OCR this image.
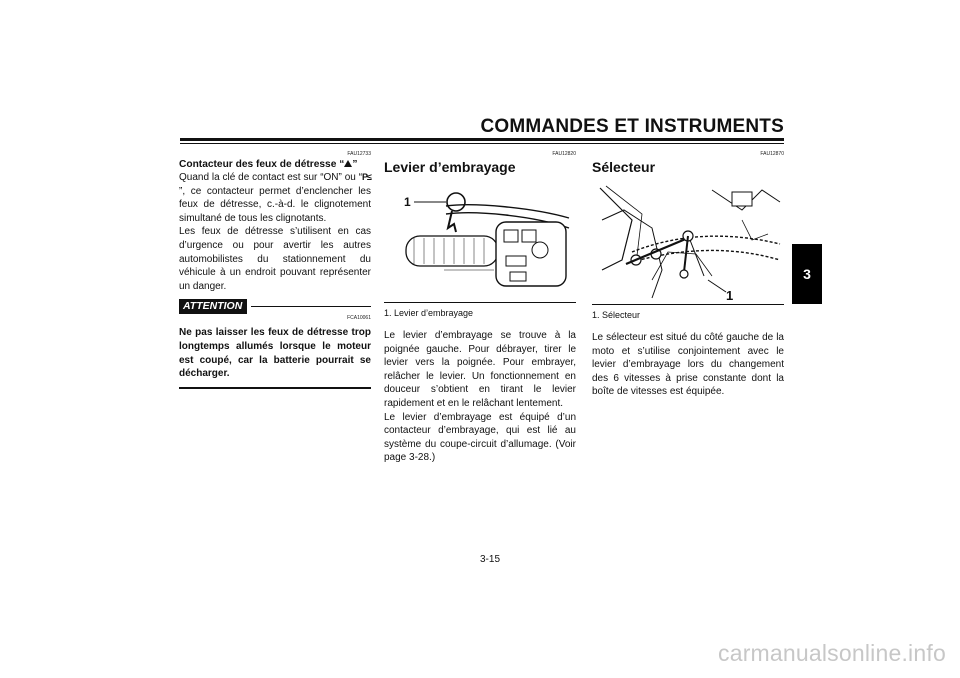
COMMANDES ET INSTRUMENTS
3
FAU12733
Contacteur des feux de détresse “ ”

Quand la clé de contact est sur “ON” ou “P≤”, ce contacteur permet d’enclencher les feux de détresse, c.-à-d. le clignotement simultané de tous les clignotants.

Les feux de détresse s’utilisent en cas d’urgence ou pour avertir les autres automobilistes du stationnement du véhicule à un endroit pouvant représenter un danger.

ATTENTION
FCA10061
Ne pas laisser les feux de détresse trop longtemps allumés lorsque le moteur est coupé, car la batterie pourrait se décharger.
FAU12820
Levier d’embrayage
1
1. Levier d’embrayage

Le levier d’embrayage se trouve à la poignée gauche. Pour débrayer, tirer le levier vers la poignée. Pour embrayer, relâcher le levier. Un fonctionnement en douceur s’obtient en tirant le levier rapidement et en le relâchant lentement.

Le levier d’embrayage est équipé d’un contacteur d’embrayage, qui est lié au système du coupe-circuit d’allumage. (Voir page 3-28.)

FAU12870
Sélecteur
1
1. Sélecteur

Le sélecteur est situé du côté gauche de la moto et s’utilise conjointement avec le levier d’embrayage lors du changement des 6 vitesses à prise constante dont la boîte de vitesses est équipée.

3-15
carmanualsonline.info
